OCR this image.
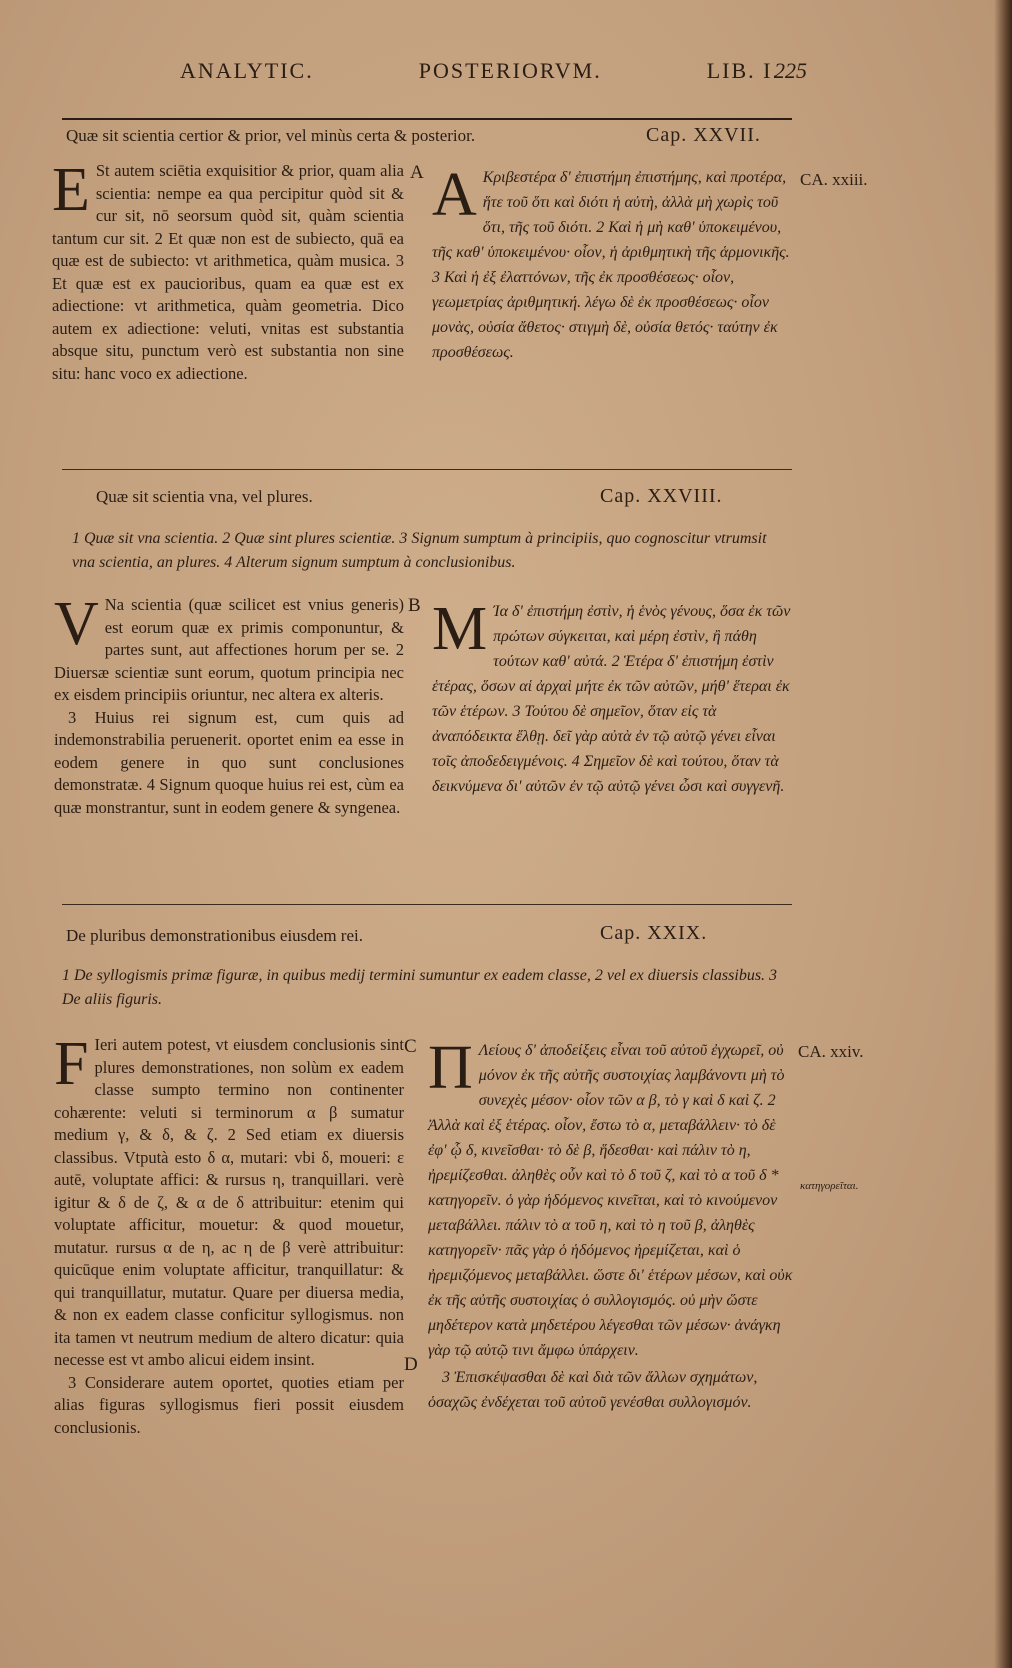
ANALYTIC.	POSTERIORVM.	LIB. I.
225
Quæ sit scientia certior & prior, vel minùs certa & posterior.	Cap. XXVII.
A	CA. xxiii.

E St autem sciētia exquisitior & prior, quam alia scientia: nempe ea qua percipitur quòd sit & cur sit, nō seorsum quòd sit, quàm scientia tantum cur sit. 2 Et quæ non est de subiecto, quā ea quæ est de subiecto: vt arithmetica, quàm musica. 3 Et quæ est ex paucioribus, quam ea quæ est ex adiectione: vt arithmetica, quàm geometria. Dico autem ex adiectione: veluti, vnitas est substantia absque situ, punctum verò est substantia non sine situ: hanc voco ex adiectione.

A Κριβεστέρα δ' ἐπιστήμη ἐπιστήμης, καὶ προτέρα, ἥτε τοῦ ὅτι καὶ διότι ἡ αὐτὴ, ἀλλὰ μὴ χωρὶς τοῦ ὅτι, τῆς τοῦ διότι. 2 Καὶ ἡ μὴ καθ' ὑποκειμένου, τῆς καθ' ὑποκειμένου· οἷον, ἡ ἀριθμητικὴ τῆς ἁρμονικῆς. 3 Καὶ ἡ ἐξ ἐλαττόνων, τῆς ἐκ προσθέσεως· οἷον, γεωμετρίας ἀριθμητική. λέγω δὲ ἐκ προσθέσεως· οἷον μονὰς, οὐσία ἄθετος· στιγμὴ δὲ, οὐσία θετός· ταύτην ἐκ προσθέσεως.
Quæ sit scientia vna, vel plures.	Cap. XXVIII.
1 Quæ sit vna scientia. 2 Quæ sint plures scientiæ. 3 Signum sumptum à principiis, quo cognoscitur vtrumsit vna scientia, an plures. 4 Alterum signum sumptum à conclusionibus.
B

V Na scientia (quæ scilicet est vnius generis) est eorum quæ ex primis componuntur, & partes sunt, aut affectiones horum per se. 2 Diuersæ scientiæ sunt eorum, quotum principia nec ex eisdem principiis oriuntur, nec altera ex alteris.

3 Huius rei signum est, cum quis ad indemonstrabilia peruenerit. oportet enim ea esse in eodem genere in quo sunt conclusiones demonstratæ. 4 Signum quoque huius rei est, cùm ea quæ monstrantur, sunt in eodem genere & syngenea.

M Ία δ' ἐπιστήμη ἐστὶν, ἡ ἑνὸς γένους, ὅσα ἐκ τῶν πρώτων σύγκειται, καὶ μέρη ἐστὶν, ἢ πάθη τούτων καθ' αὐτά. 2 Ἑτέρα δ' ἐπιστήμη ἐστὶν ἑτέρας, ὅσων αἱ ἀρχαὶ μήτε ἐκ τῶν αὐτῶν, μήθ' ἕτεραι ἐκ τῶν ἑτέρων. 3 Τούτου δὲ σημεῖον, ὅταν εἰς τὰ ἀναπόδεικτα ἔλθῃ. δεῖ γὰρ αὐτὰ ἐν τῷ αὐτῷ γένει εἶναι τοῖς ἀποδεδειγμένοις. 4 Σημεῖον δὲ καὶ τούτου, ὅταν τὰ δεικνύμενα δι' αὐτῶν ἐν τῷ αὐτῷ γένει ὦσι καὶ συγγενῆ.
De pluribus demonstrationibus eiusdem rei.	Cap. XXIX.
1 De syllogismis primæ figuræ, in quibus medij termini sumuntur ex eadem classe, 2 vel ex diuersis classibus. 3 De aliis figuris.
C
D
CA. xxiv.
κατηγορεῖται.

F Ieri autem potest, vt eiusdem conclusionis sint plures demonstrationes, non solùm ex eadem classe sumpto termino non continenter cohærente: veluti si terminorum α β sumatur medium γ, & δ, & ζ. 2 Sed etiam ex diuersis classibus. Vtputà esto δ α, mutari: vbi δ, moueri: ε autē, voluptate affici: & rursus η, tranquillari. verè igitur & δ de ζ, & α de δ attribuitur: etenim qui voluptate afficitur, mouetur: & quod mouetur, mutatur. rursus α de η, ac η de β verè attribuitur: quicūque enim voluptate afficitur, tranquillatur: & qui tranquillatur, mutatur. Quare per diuersa media, & non ex eadem classe conficitur syllogismus. non ita tamen vt neutrum medium de altero dicatur: quia necesse est vt ambo alicui eidem insint.

3 Considerare autem oportet, quoties etiam per alias figuras syllogismus fieri possit eiusdem conclusionis.

Π Λείους δ' ἀποδείξεις εἶναι τοῦ αὐτοῦ ἐγχωρεῖ, οὐ μόνον ἐκ τῆς αὐτῆς συστοιχίας λαμβάνοντι μὴ τὸ συνεχὲς μέσον· οἷον τῶν α β, τὸ γ καὶ δ καὶ ζ. 2 Ἀλλὰ καὶ ἐξ ἑτέρας. οἷον, ἔστω τὸ α, μεταβάλλειν· τὸ δὲ ἐφ' ᾧ δ, κινεῖσθαι· τὸ δὲ β, ἥδεσθαι· καὶ πάλιν τὸ η, ἠρεμίζεσθαι. ἀληθὲς οὖν καὶ τὸ δ τοῦ ζ, καὶ τὸ α τοῦ δ * κατηγορεῖν. ὁ γὰρ ἡδόμενος κινεῖται, καὶ τὸ κινούμενον μεταβάλλει. πάλιν τὸ α τοῦ η, καὶ τὸ η τοῦ β, ἀληθὲς κατηγορεῖν· πᾶς γὰρ ὁ ἡδόμενος ἠρεμίζεται, καὶ ὁ ἠρεμιζόμενος μεταβάλλει. ὥστε δι' ἑτέρων μέσων, καὶ οὐκ ἐκ τῆς αὐτῆς συστοιχίας ὁ συλλογισμός. οὐ μὴν ὥστε μηδέτερον κατὰ μηδετέρου λέγεσθαι τῶν μέσων· ἀνάγκη γὰρ τῷ αὐτῷ τινι ἄμφω ὑπάρχειν.
3 Ἐπισκέψασθαι δὲ καὶ διὰ τῶν ἄλλων σχημάτων, ὁσαχῶς ἐνδέχεται τοῦ αὐτοῦ γενέσθαι συλλογισμόν.
